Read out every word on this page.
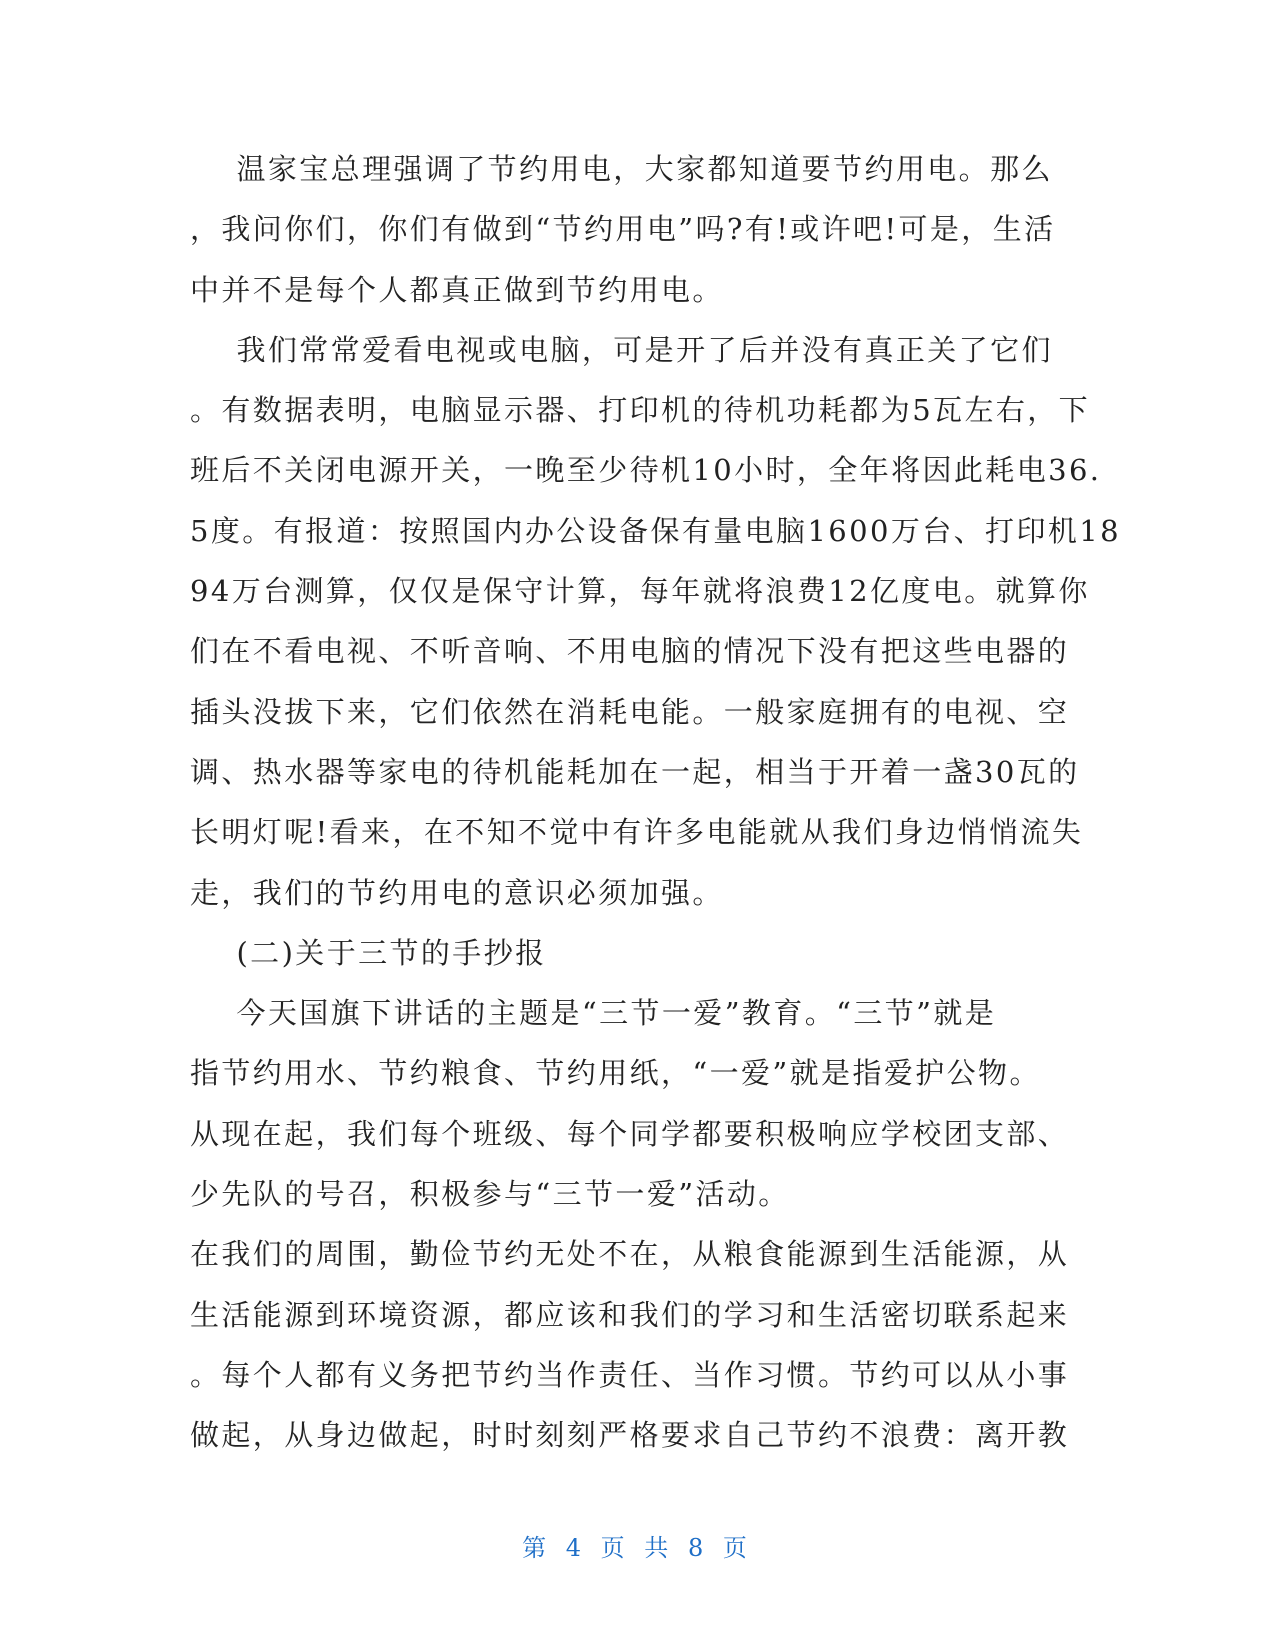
温家宝总理强调了节约用电，大家都知道要节约用电。那么
，我问你们，你们有做到“节约用电”吗?有!或许吧!可是，生活
中并不是每个人都真正做到节约用电。
我们常常爱看电视或电脑，可是开了后并没有真正关了它们
。有数据表明，电脑显示器、打印机的待机功耗都为5瓦左右，下
班后不关闭电源开关，一晚至少待机10小时，全年将因此耗电36.
5度。有报道：按照国内办公设备保有量电脑1600万台、打印机18
94万台测算，仅仅是保守计算，每年就将浪费12亿度电。就算你
们在不看电视、不听音响、不用电脑的情况下没有把这些电器的
插头没拔下来，它们依然在消耗电能。一般家庭拥有的电视、空
调、热水器等家电的待机能耗加在一起，相当于开着一盏30瓦的
长明灯呢!看来，在不知不觉中有许多电能就从我们身边悄悄流失
走，我们的节约用电的意识必须加强。
(二)关于三节的手抄报
今天国旗下讲话的主题是“三节一爱”教育。“三节”就是
指节约用水、节约粮食、节约用纸，“一爱”就是指爱护公物。
从现在起，我们每个班级、每个同学都要积极响应学校团支部、
少先队的号召，积极参与“三节一爱”活动。
在我们的周围，勤俭节约无处不在，从粮食能源到生活能源，从
生活能源到环境资源，都应该和我们的学习和生活密切联系起来
。每个人都有义务把节约当作责任、当作习惯。节约可以从小事
做起，从身边做起，时时刻刻严格要求自己节约不浪费：离开教
第 4 页 共 8 页
